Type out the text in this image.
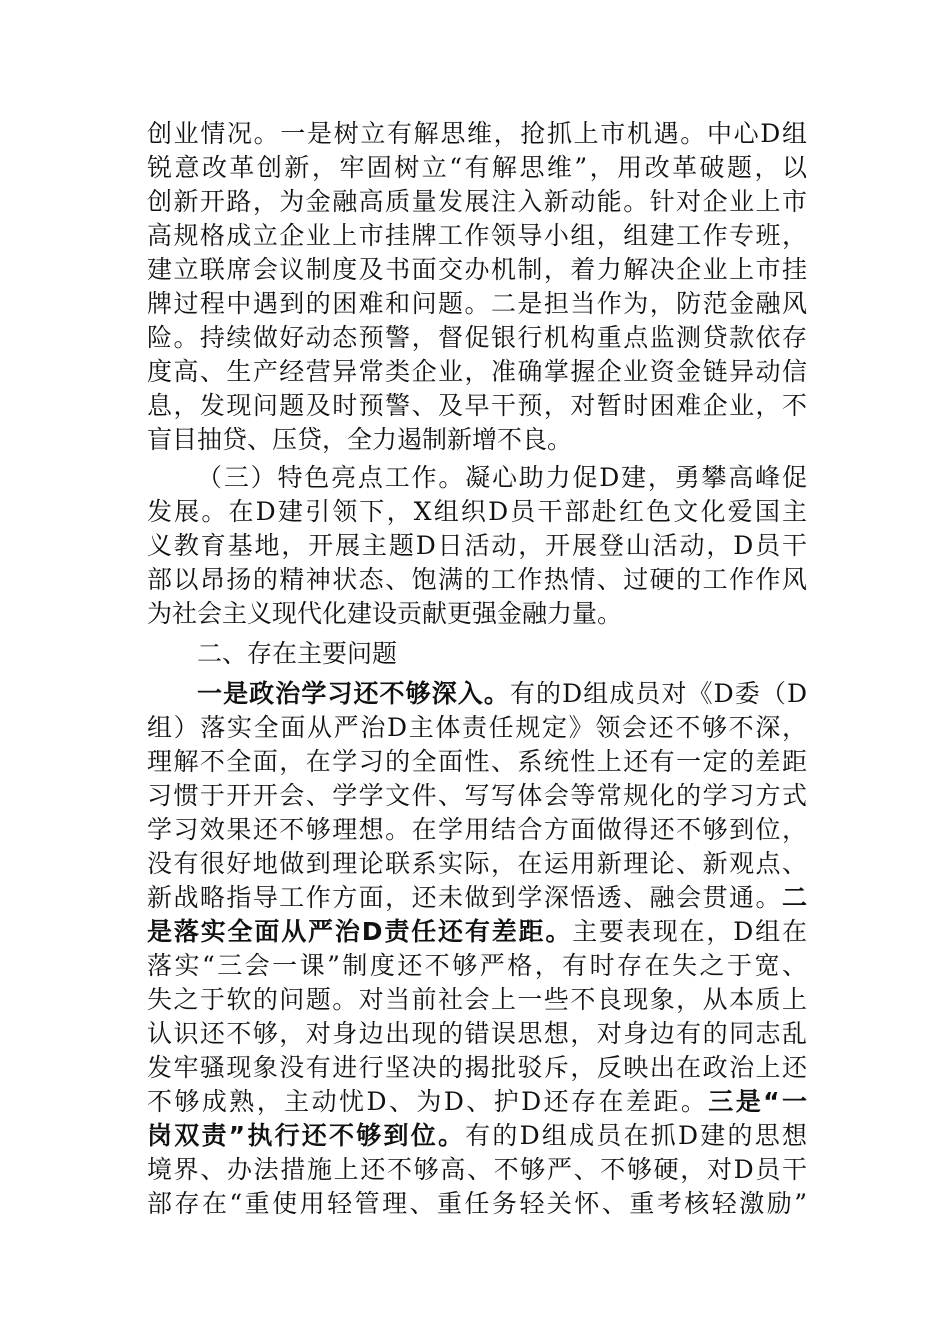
创业情况。一是树立有解思维，抢抓上市机遇。中心D组
锐意改革创新，牢固树立“有解思维”，用改革破题，以
创新开路，为金融高质量发展注入新动能。针对企业上市
高规格成立企业上市挂牌工作领导小组，组建工作专班，
建立联席会议制度及书面交办机制，着力解决企业上市挂
牌过程中遇到的困难和问题。二是担当作为，防范金融风
险。持续做好动态预警，督促银行机构重点监测贷款依存
度高、生产经营异常类企业，准确掌握企业资金链异动信
息，发现问题及时预警、及早干预，对暂时困难企业，不
盲目抽贷、压贷，全力遏制新增不良。
（三）特色亮点工作。凝心助力促D建，勇攀高峰促
发展。在D建引领下，X组织D员干部赴红色文化爱国主
义教育基地，开展主题D日活动，开展登山活动，D员干
部以昂扬的精神状态、饱满的工作热情、过硬的工作作风
为社会主义现代化建设贡献更强金融力量。
二、存在主要问题
一是政治学习还不够深入。有的D组成员对《D委（D
组）落实全面从严治D主体责任规定》领会还不够不深，
理解不全面，在学习的全面性、系统性上还有一定的差距
习惯于开开会、学学文件、写写体会等常规化的学习方式
学习效果还不够理想。在学用结合方面做得还不够到位，
没有很好地做到理论联系实际，在运用新理论、新观点、
新战略指导工作方面，还未做到学深悟透、融会贯通。二
是落实全面从严治D责任还有差距。主要表现在，D组在
落实“三会一课”制度还不够严格，有时存在失之于宽、
失之于软的问题。对当前社会上一些不良现象，从本质上
认识还不够，对身边出现的错误思想，对身边有的同志乱
发牢骚现象没有进行坚决的揭批驳斥，反映出在政治上还
不够成熟，主动忧D、为D、护D还存在差距。三是“一
岗双责”执行还不够到位。有的D组成员在抓D建的思想
境界、办法措施上还不够高、不够严、不够硬，对D员干
部存在“重使用轻管理、重任务轻关怀、重考核轻激励”
